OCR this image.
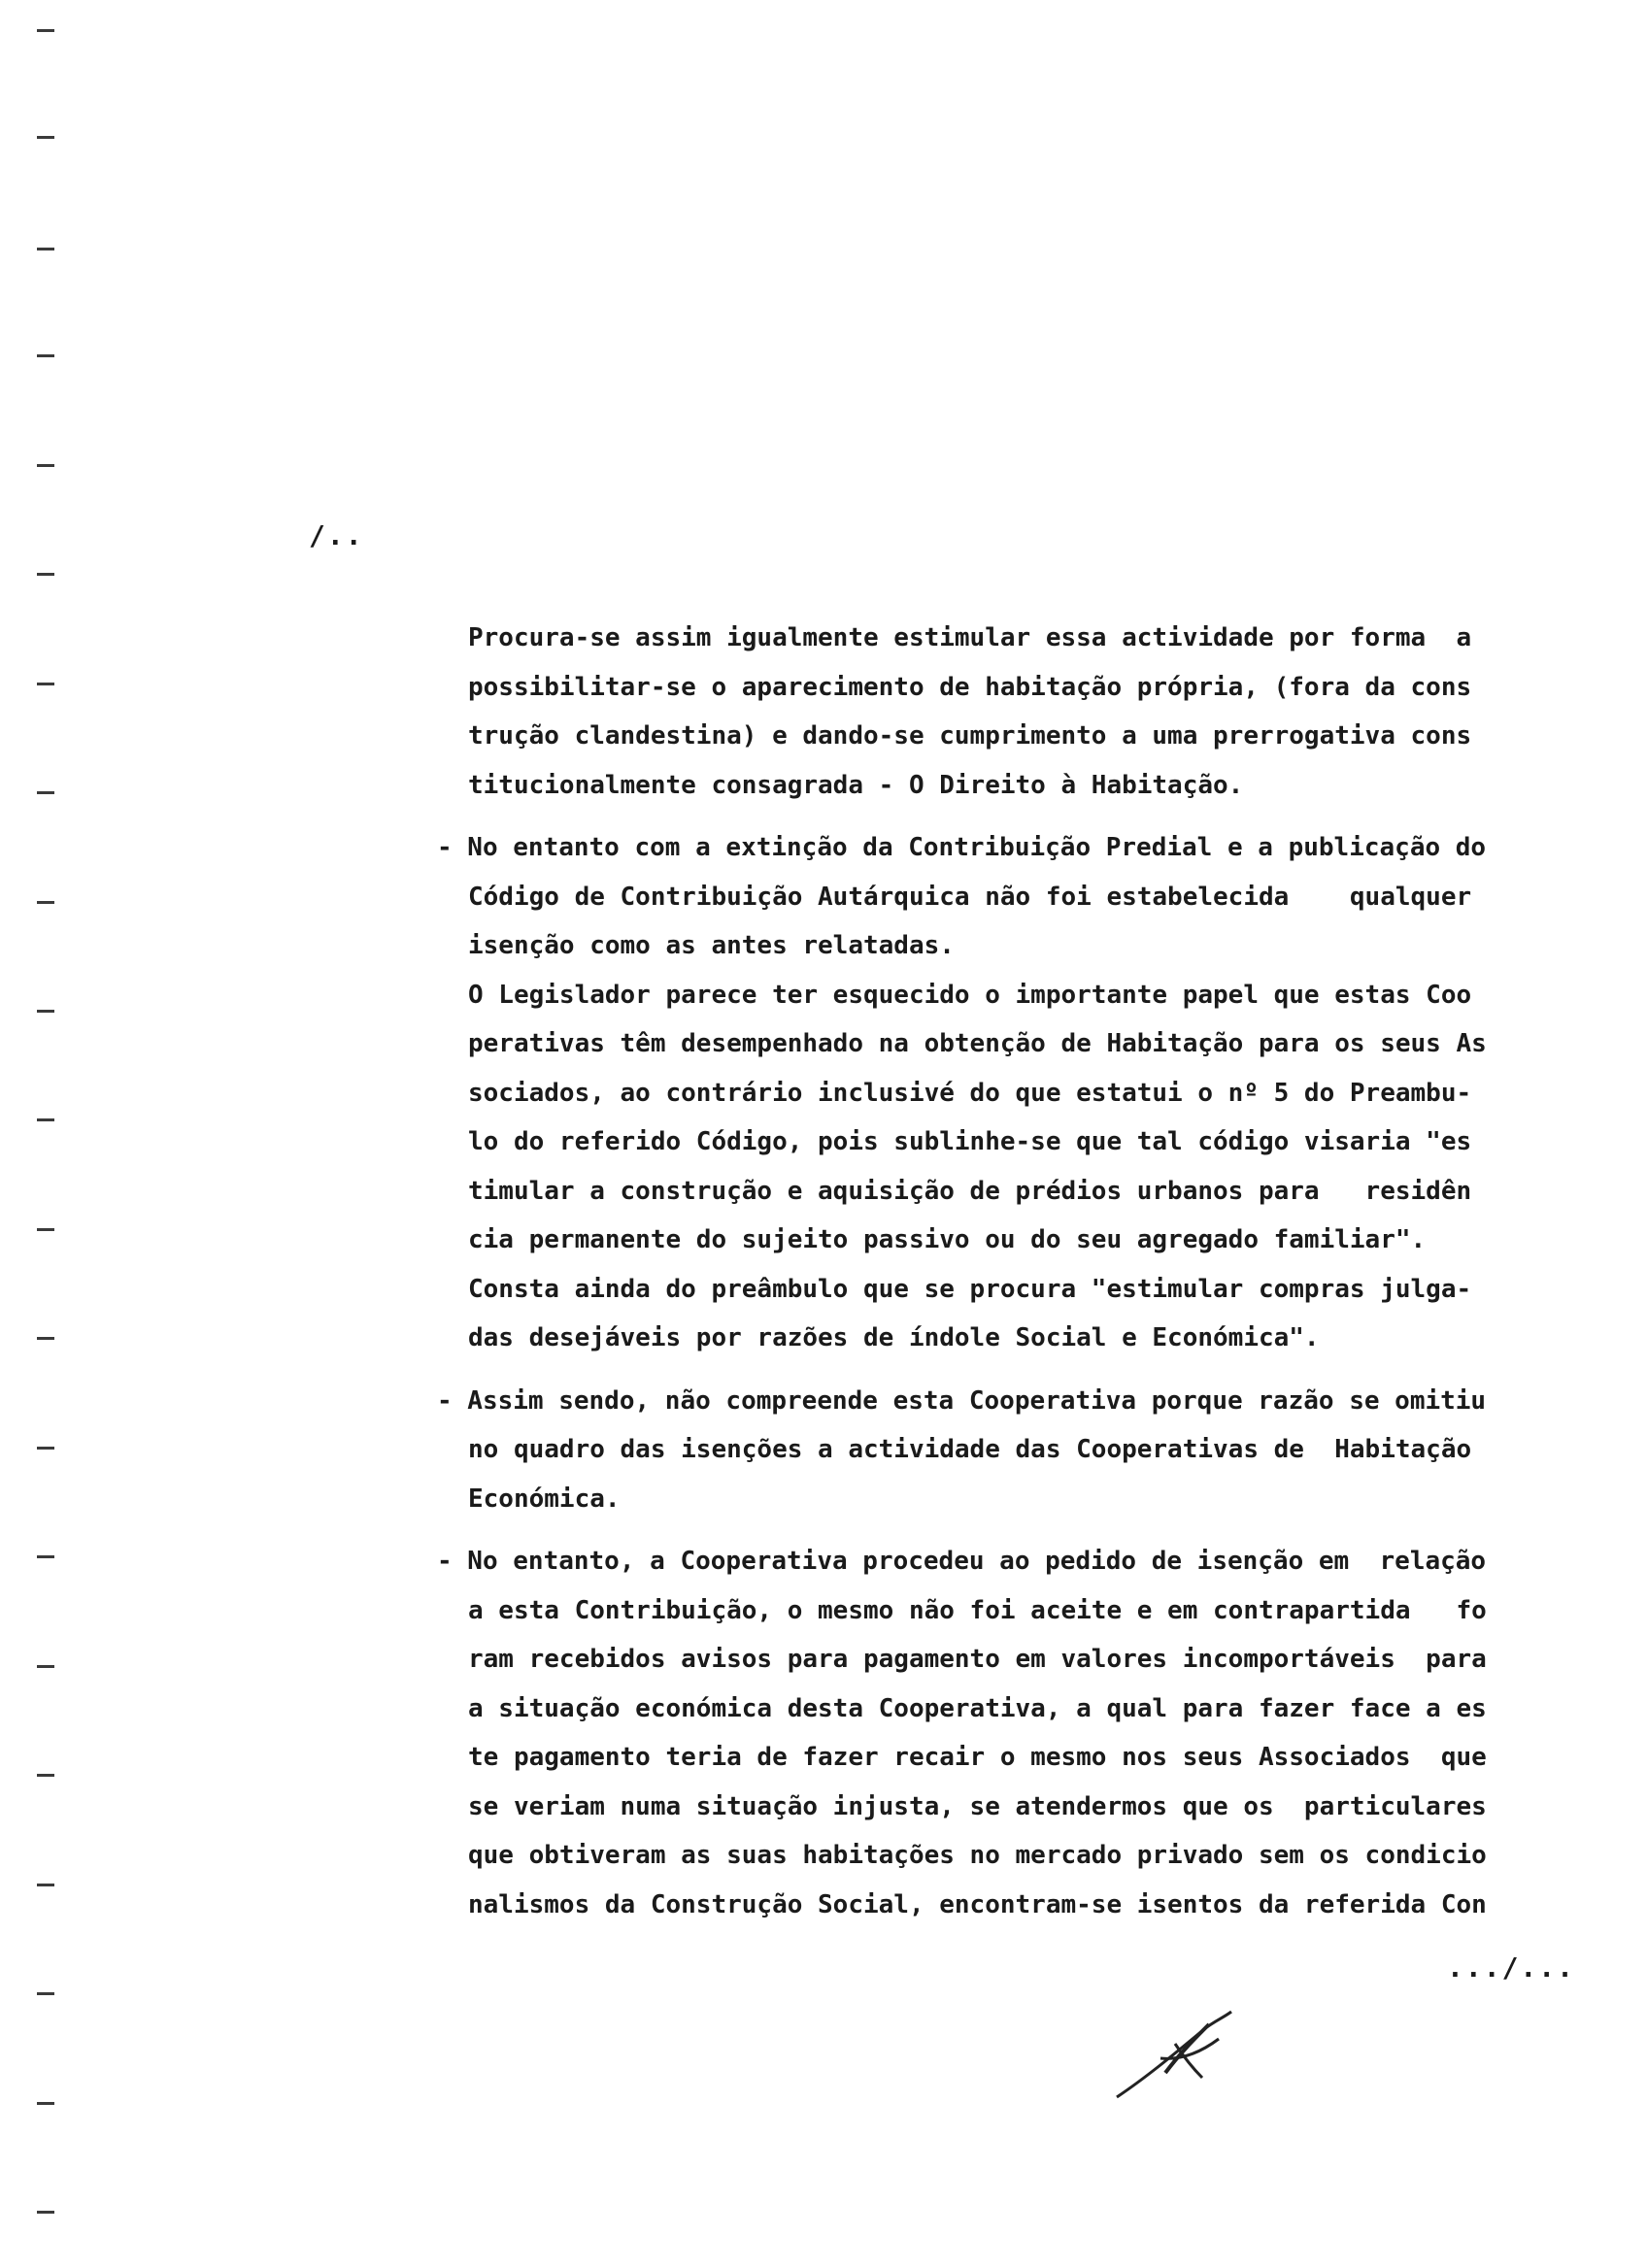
/..
Procura-se assim igualmente estimular essa actividade por forma  a
possibilitar-se o aparecimento de habitação própria, (fora da cons
trução clandestina) e dando-se cumprimento a uma prerrogativa cons
titucionalmente consagrada - O Direito à Habitação.
- No entanto com a extinção da Contribuição Predial e a publicação do
Código de Contribuição Autárquica não foi estabelecida    qualquer
isenção como as antes relatadas.
O Legislador parece ter esquecido o importante papel que estas Coo
perativas têm desempenhado na obtenção de Habitação para os seus As
sociados, ao contrário inclusivé do que estatui o nº 5 do Preambu-
lo do referido Código, pois sublinhe-se que tal código visaria "es
timular a construção e aquisição de prédios urbanos para   residên
cia permanente do sujeito passivo ou do seu agregado familiar".
Consta ainda do preâmbulo que se procura "estimular compras julga-
das desejáveis por razões de índole Social e Económica".
- Assim sendo, não compreende esta Cooperativa porque razão se omitiu
no quadro das isenções a actividade das Cooperativas de  Habitação
Económica.
- No entanto, a Cooperativa procedeu ao pedido de isenção em  relação
a esta Contribuição, o mesmo não foi aceite e em contrapartida   fo
ram recebidos avisos para pagamento em valores incomportáveis  para
a situação económica desta Cooperativa, a qual para fazer face a es
te pagamento teria de fazer recair o mesmo nos seus Associados  que
se veriam numa situação injusta, se atendermos que os  particulares
que obtiveram as suas habitações no mercado privado sem os condicio
nalismos da Construção Social, encontram-se isentos da referida Con
.../...
